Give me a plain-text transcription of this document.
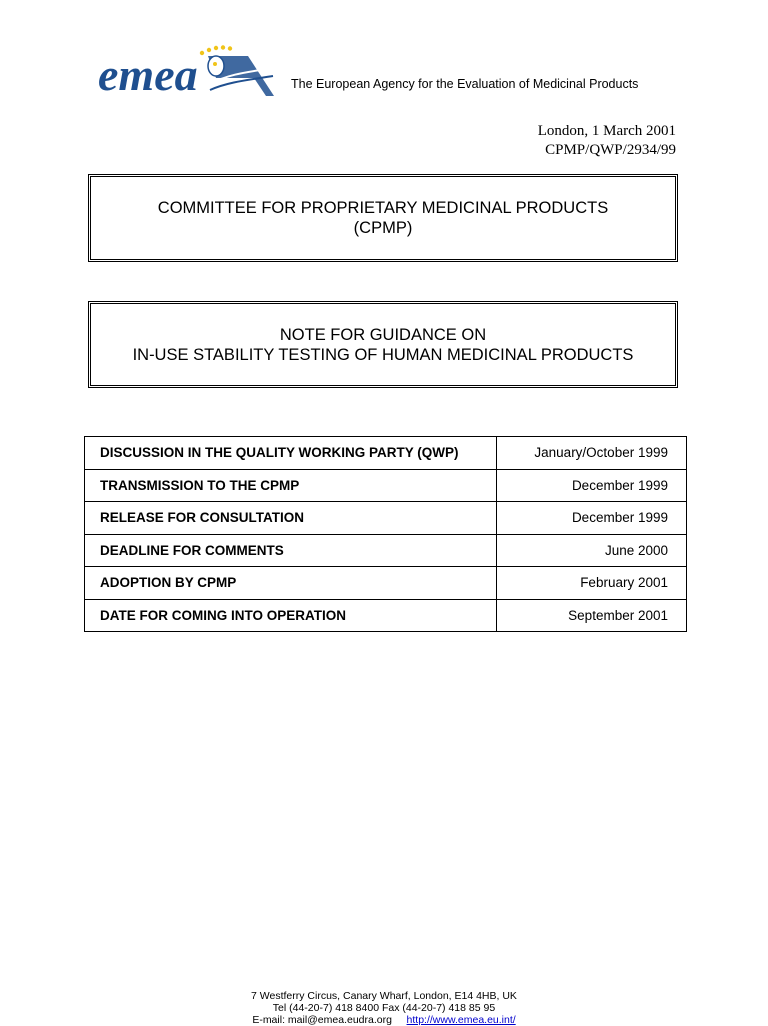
emea	The European Agency for the Evaluation of Medicinal Products
London, 1 March 2001
CPMP/QWP/2934/99
COMMITTEE FOR PROPRIETARY MEDICINAL PRODUCTS
(CPMP)
NOTE FOR GUIDANCE ON
IN-USE STABILITY TESTING OF HUMAN MEDICINAL PRODUCTS
DISCUSSION IN THE QUALITY WORKING PARTY (QWP)	January/October 1999
TRANSMISSION TO THE CPMP	December 1999
RELEASE FOR CONSULTATION	December 1999
DEADLINE FOR COMMENTS	June 2000
ADOPTION BY CPMP	February 2001
DATE FOR COMING INTO OPERATION	September 2001
7 Westferry Circus, Canary Wharf, London, E14 4HB, UK
Tel (44-20-7) 418 8400 Fax (44-20-7) 418 85 95
E-mail: mail@emea.eudra.org http://www.emea.eu.int/
